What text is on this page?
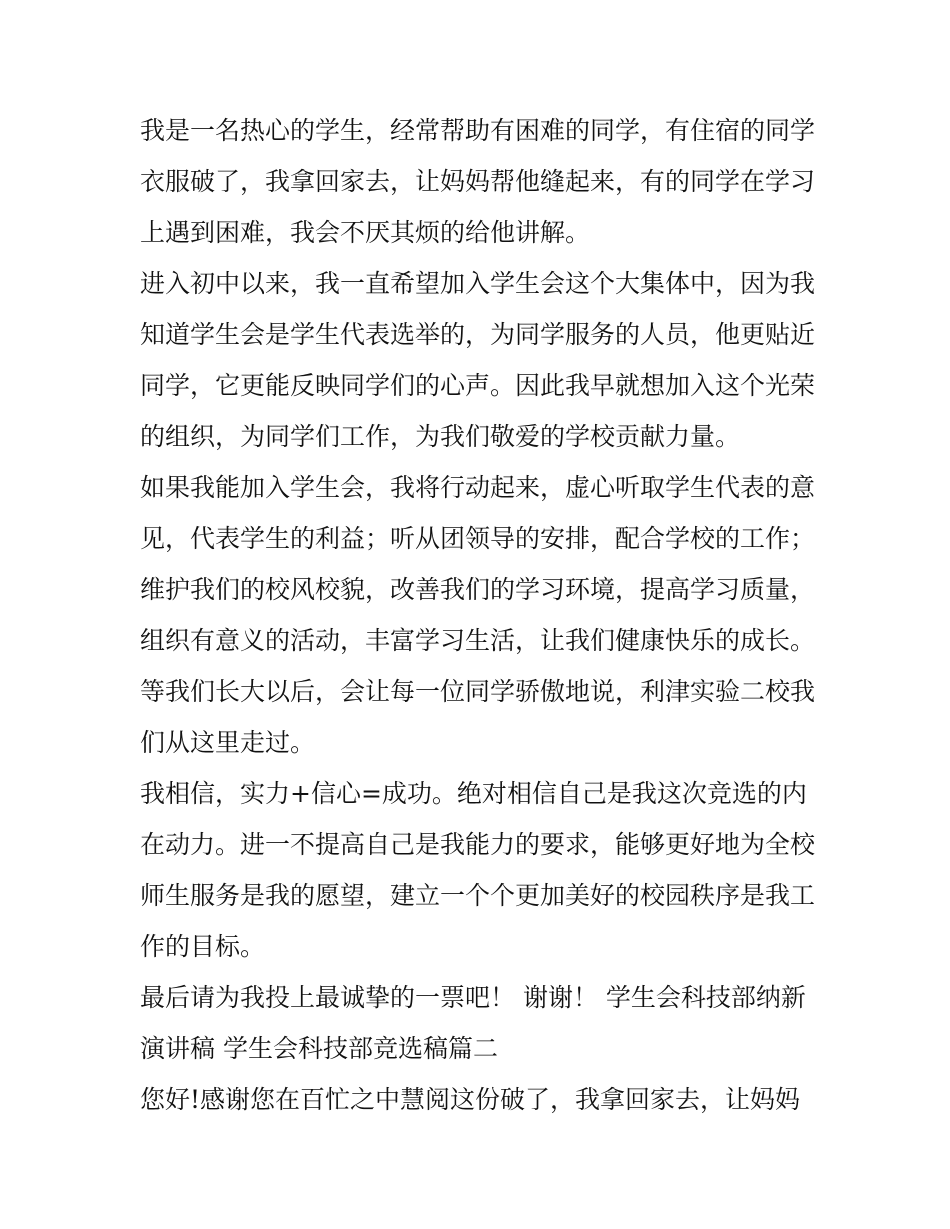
我是一名热心的学生，经常帮助有困难的同学，有住宿的同学
衣服破了，我拿回家去，让妈妈帮他缝起来，有的同学在学习
上遇到困难，我会不厌其烦的给他讲解。
进入初中以来，我一直希望加入学生会这个大集体中，因为我
知道学生会是学生代表选举的，为同学服务的人员，他更贴近
同学，它更能反映同学们的心声。因此我早就想加入这个光荣
的组织，为同学们工作，为我们敬爱的学校贡献力量。
如果我能加入学生会，我将行动起来，虚心听取学生代表的意
见，代表学生的利益；听从团领导的安排，配合学校的工作；
维护我们的校风校貌，改善我们的学习环境，提高学习质量，
组织有意义的活动，丰富学习生活，让我们健康快乐的成长。
等我们长大以后，会让每一位同学骄傲地说，利津实验二校我
们从这里走过。
我相信，实力+信心=成功。绝对相信自己是我这次竞选的内
在动力。进一不提高自己是我能力的要求，能够更好地为全校
师生服务是我的愿望，建立一个个更加美好的校园秩序是我工
作的目标。
最后请为我投上最诚挚的一票吧！ 谢谢！ 学生会科技部纳新
演讲稿 学生会科技部竞选稿篇二
您好!感谢您在百忙之中慧阅这份破了，我拿回家去，让妈妈
